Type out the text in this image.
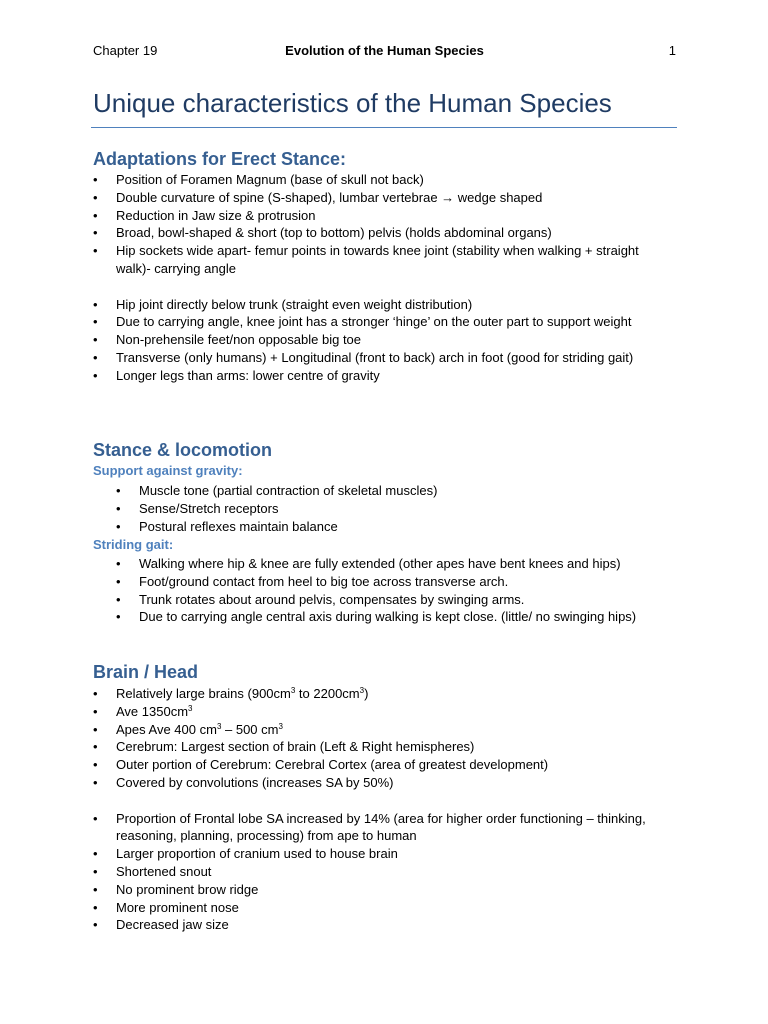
Chapter 19	Evolution of the Human Species	1
Unique characteristics of the Human Species
Adaptations for Erect Stance:
• Position of Foramen Magnum (base of skull not back)
• Double curvature of spine (S-shaped), lumbar vertebrae → wedge shaped
• Reduction in Jaw size & protrusion
• Broad, bowl-shaped & short (top to bottom) pelvis (holds abdominal organs)
• Hip sockets wide apart- femur points in towards knee joint (stability when walking + straight walk)- carrying angle
• Hip joint directly below trunk (straight even weight distribution)
• Due to carrying angle, knee joint has a stronger ‘hinge’ on the outer part to support weight
• Non-prehensile feet/non opposable big toe
• Transverse (only humans) + Longitudinal (front to back) arch in foot (good for striding gait)
• Longer legs than arms: lower centre of gravity
Stance & locomotion
Support against gravity:
• Muscle tone (partial contraction of skeletal muscles)
• Sense/Stretch receptors
• Postural reflexes maintain balance
Striding gait:
• Walking where hip & knee are fully extended (other apes have bent knees and hips)
• Foot/ground contact from heel to big toe across transverse arch.
• Trunk rotates about around pelvis, compensates by swinging arms.
• Due to carrying angle central axis during walking is kept close. (little/ no swinging hips)
Brain / Head
• Relatively large brains ($900cm^3$ to $2200cm^3$)
• Ave $1350cm^3$
• Apes Ave 400 $cm^3 - 500$ $cm^3$
• Cerebrum: Largest section of brain (Left & Right hemispheres)
• Outer portion of Cerebrum: Cerebral Cortex (area of greatest development)
• Covered by convolutions (increases SA by 50%)
• Proportion of Frontal lobe SA increased by 14% (area for higher order functioning – thinking, reasoning, planning, processing) from ape to human
• Larger proportion of cranium used to house brain
• Shortened snout
• No prominent brow ridge
• More prominent nose
• Decreased jaw size
